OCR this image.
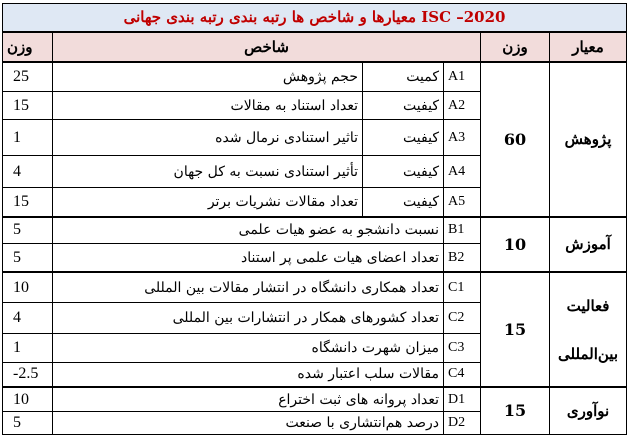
معیارها و شاخص ها رتبه بندی رتبه بندی جهانی ISC –2020					
وزن	شاخص			وزن	معیار
25	حجم پژوهش	کمیت	A1	60	پژوهش
15	تعداد استناد به مقالات	کیفیت	A2		
1	تاثیر استنادی نرمال شده	کیفیت	A3		
4	تأثیر استنادی نسبت به کل جهان	کیفیت	A4		
15	تعداد مقالات نشریات برتر	کیفیت	A5		
5	نسبت دانشجو به عضو هیات علمی		B1	10	آموزش
5	تعداد اعضای هیات علمی پر استناد		B2		
10	تعداد همکاری دانشگاه در انتشار مقالات بین المللی		C1	15	فعالیت
بین‌المللی

4	تعداد کشورهای همکار در انتشارات بین المللی		C2		
1	میزان شهرت دانشگاه		C3		
-2.5	مقالات سلب اعتبار شده		C4		
10	تعداد پروانه های ثبت اختراع		D1	15	نوآوری
5	درصد هم‌انتشاری با صنعت		D2		
